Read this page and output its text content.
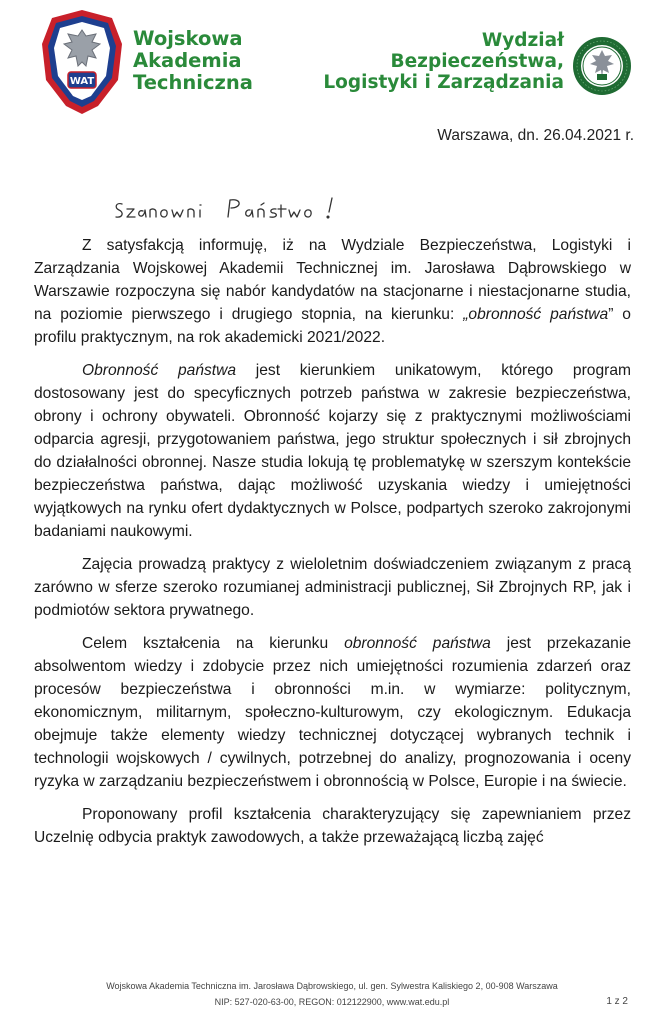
WAT
Wojskowa
Akademia
Techniczna
Wydział
Bezpieczeństwa,
Logistyki i Zarządzania
Warszawa, dn. 26.04.2021 r.

Z satysfakcją informuję, iż na Wydziale Bezpieczeństwa, Logistyki i Zarządzania Wojskowej Akademii Technicznej im. Jarosława Dąbrowskiego w Warszawie rozpoczyna się nabór kandydatów na stacjonarne i niestacjonarne studia, na poziomie pierwszego i drugiego stopnia, na kierunku: „obronność państwa” o profilu praktycznym, na rok akademicki 2021/2022.

Obronność państwa jest kierunkiem unikatowym, którego program dostosowany jest do specyficznych potrzeb państwa w zakresie bezpieczeństwa, obrony i ochrony obywateli. Obronność kojarzy się z praktycznymi możliwościami odparcia agresji, przygotowaniem państwa, jego struktur społecznych i sił zbrojnych do działalności obronnej. Nasze studia lokują tę problematykę w szerszym kontekście bezpieczeństwa państwa, dając możliwość uzyskania wiedzy i umiejętności wyjątkowych na rynku ofert dydaktycznych w Polsce, podpartych szeroko zakrojonymi badaniami naukowymi.

Zajęcia prowadzą praktycy z wieloletnim doświadczeniem związanym z pracą zarówno w sferze szeroko rozumianej administracji publicznej, Sił Zbrojnych RP, jak i podmiotów sektora prywatnego.

Celem kształcenia na kierunku obronność państwa jest przekazanie absolwentom wiedzy i zdobycie przez nich umiejętności rozumienia zdarzeń oraz procesów bezpieczeństwa i obronności m.in. w wymiarze: politycznym, ekonomicznym, militarnym, społeczno-kulturowym, czy ekologicznym. Edukacja obejmuje także elementy wiedzy technicznej dotyczącej wybranych technik i technologii wojskowych / cywilnych, potrzebnej do analizy, prognozowania i oceny ryzyka w zarządzaniu bezpieczeństwem i obronnością w Polsce, Europie i na świecie.

Proponowany profil kształcenia charakteryzujący się zapewnianiem przez Uczelnię odbycia praktyk zawodowych, a także przeważającą liczbą zajęć

Wojskowa Akademia Techniczna im. Jarosława Dąbrowskiego, ul. gen. Sylwestra Kaliskiego 2, 00-908 Warszawa
NIP: 527-020-63-00, REGON: 012122900, www.wat.edu.pl	1 z 2
